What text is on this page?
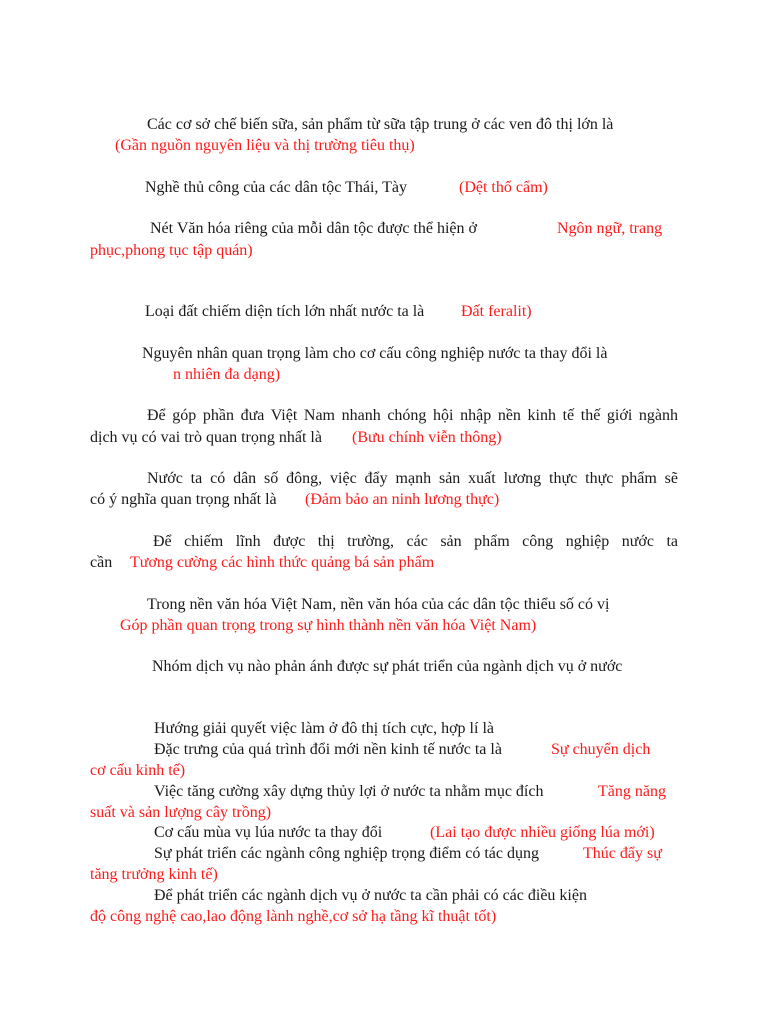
Các cơ sở chế biến sữa, sản phẩm từ sữa tập trung ở các ven đô thị lớn là
(Gần nguồn nguyên liệu và thị trường tiêu thụ)
Nghề thủ công của các dân tộc Thái, Tày	(Dệt thổ cẩm)
Nét Văn hóa riêng của mỗi dân tộc được thể hiện ở	Ngôn ngữ, trang
phục,phong tục tập quán)
Loại đất chiếm diện tích lớn nhất nước ta là Đất feralit)
Nguyên nhân quan trọng làm cho cơ cấu công nghiệp nước ta thay đổi là
n nhiên đa dạng)
Để góp phần đưa Việt Nam nhanh chóng hội nhập nền kinh tế thế giới ngành
dịch vụ có vai trò quan trọng nhất là (Bưu chính viễn thông)
Nước ta có dân số đông, việc đẩy mạnh sản xuất lương thực thực phẩm sẽ
có ý nghĩa quan trọng nhất là (Đảm bảo an ninh lương thực)
Để chiếm lĩnh được thị trường, các sản phẩm công nghiệp nước ta
cần Tương cường các hình thức quảng bá sản phẩm
Trong nền văn hóa Việt Nam, nền văn hóa của các dân tộc thiểu số có vị
Góp phần quan trọng trong sự hình thành nền văn hóa Việt Nam)
Nhóm dịch vụ nào phản ánh được sự phát triển của ngành dịch vụ ở nước
Hướng giải quyết việc làm ở đô thị tích cực, hợp lí là
Đặc trưng của quá trình đổi mới nền kinh tế nước ta là	Sự chuyển dịch
cơ cấu kinh tế)
Việc tăng cường xây dựng thủy lợi ở nước ta nhằm mục đích	Tăng năng
suất và sản lượng cây trồng)
Cơ cấu mùa vụ lúa nước ta thay đổi	(Lai tạo được nhiều giống lúa mới)
Sự phát triển các ngành công nghiệp trọng điểm có tác dụng	Thúc đẩy sự
tăng trưởng kinh tế)
Để phát triển các ngành dịch vụ ở nước ta cần phải có các điều kiện
độ công nghệ cao,lao động lành nghề,cơ sở hạ tầng kĩ thuật tốt)
